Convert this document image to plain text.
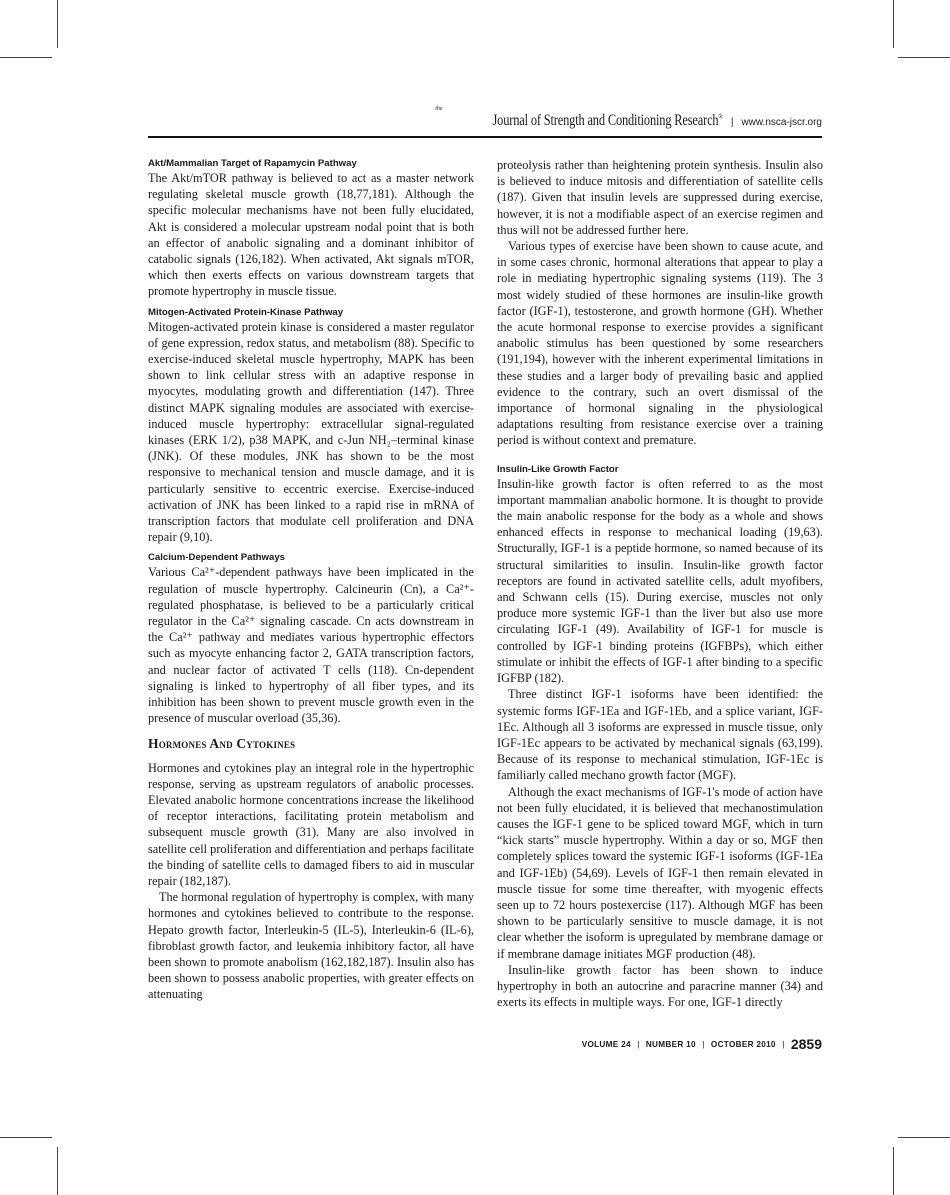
the
Journal of Strength and Conditioning Research® | www.nsca-jscr.org
Akt/Mammalian Target of Rapamycin Pathway

The Akt/mTOR pathway is believed to act as a master network regulating skeletal muscle growth (18,77,181). Although the specific molecular mechanisms have not been fully elucidated, Akt is considered a molecular upstream nodal point that is both an effector of anabolic signaling and a dominant inhibitor of catabolic signals (126,182). When activated, Akt signals mTOR, which then exerts effects on various downstream targets that promote hypertrophy in muscle tissue.

Mitogen-Activated Protein-Kinase Pathway

Mitogen-activated protein kinase is considered a master regulator of gene expression, redox status, and metabolism (88). Specific to exercise-induced skeletal muscle hypertrophy, MAPK has been shown to link cellular stress with an adaptive response in myocytes, modulating growth and differentiation (147). Three distinct MAPK signaling modules are associated with exercise-induced muscle hypertrophy: extracellular signal-regulated kinases (ERK 1/2), p38 MAPK, and c-Jun NH₂–terminal kinase (JNK). Of these modules, JNK has shown to be the most responsive to mechanical tension and muscle damage, and it is particularly sensitive to eccentric exercise. Exercise-induced activation of JNK has been linked to a rapid rise in mRNA of transcription factors that modulate cell proliferation and DNA repair (9,10).

Calcium-Dependent Pathways

Various Ca²⁺-dependent pathways have been implicated in the regulation of muscle hypertrophy. Calcineurin (Cn), a Ca²⁺-regulated phosphatase, is believed to be a particularly critical regulator in the Ca²⁺ signaling cascade. Cn acts downstream in the Ca²⁺ pathway and mediates various hypertrophic effectors such as myocyte enhancing factor 2, GATA transcription factors, and nuclear factor of activated T cells (118). Cn-dependent signaling is linked to hypertrophy of all fiber types, and its inhibition has been shown to prevent muscle growth even in the presence of muscular overload (35,36).

Hormones And Cytokines

Hormones and cytokines play an integral role in the hypertrophic response, serving as upstream regulators of anabolic processes. Elevated anabolic hormone concentrations increase the likelihood of receptor interactions, facilitating protein metabolism and subsequent muscle growth (31). Many are also involved in satellite cell proliferation and differentiation and perhaps facilitate the binding of satellite cells to damaged fibers to aid in muscular repair (182,187).

The hormonal regulation of hypertrophy is complex, with many hormones and cytokines believed to contribute to the response. Hepato growth factor, Interleukin-5 (IL-5), Interleukin-6 (IL-6), fibroblast growth factor, and leukemia inhibitory factor, all have been shown to promote anabolism (162,182,187). Insulin also has been shown to possess anabolic properties, with greater effects on attenuating

proteolysis rather than heightening protein synthesis. Insulin also is believed to induce mitosis and differentiation of satellite cells (187). Given that insulin levels are suppressed during exercise, however, it is not a modifiable aspect of an exercise regimen and thus will not be addressed further here.

Various types of exercise have been shown to cause acute, and in some cases chronic, hormonal alterations that appear to play a role in mediating hypertrophic signaling systems (119). The 3 most widely studied of these hormones are insulin-like growth factor (IGF-1), testosterone, and growth hormone (GH). Whether the acute hormonal response to exercise provides a significant anabolic stimulus has been questioned by some researchers (191,194), however with the inherent experimental limitations in these studies and a larger body of prevailing basic and applied evidence to the contrary, such an overt dismissal of the importance of hormonal signaling in the physiological adaptations resulting from resistance exercise over a training period is without context and premature.

Insulin-Like Growth Factor

Insulin-like growth factor is often referred to as the most important mammalian anabolic hormone. It is thought to provide the main anabolic response for the body as a whole and shows enhanced effects in response to mechanical loading (19,63). Structurally, IGF-1 is a peptide hormone, so named because of its structural similarities to insulin. Insulin-like growth factor receptors are found in activated satellite cells, adult myofibers, and Schwann cells (15). During exercise, muscles not only produce more systemic IGF-1 than the liver but also use more circulating IGF-1 (49). Availability of IGF-1 for muscle is controlled by IGF-1 binding proteins (IGFBPs), which either stimulate or inhibit the effects of IGF-1 after binding to a specific IGFBP (182).

Three distinct IGF-1 isoforms have been identified: the systemic forms IGF-1Ea and IGF-1Eb, and a splice variant, IGF-1Ec. Although all 3 isoforms are expressed in muscle tissue, only IGF-1Ec appears to be activated by mechanical signals (63,199). Because of its response to mechanical stimulation, IGF-1Ec is familiarly called mechano growth factor (MGF).

Although the exact mechanisms of IGF-1's mode of action have not been fully elucidated, it is believed that mechanostimulation causes the IGF-1 gene to be spliced toward MGF, which in turn “kick starts” muscle hypertrophy. Within a day or so, MGF then completely splices toward the systemic IGF-1 isoforms (IGF-1Ea and IGF-1Eb) (54,69). Levels of IGF-1 then remain elevated in muscle tissue for some time thereafter, with myogenic effects seen up to 72 hours postexercise (117). Although MGF has been shown to be particularly sensitive to muscle damage, it is not clear whether the isoform is upregulated by membrane damage or if membrane damage initiates MGF production (48).

Insulin-like growth factor has been shown to induce hypertrophy in both an autocrine and paracrine manner (34) and exerts its effects in multiple ways. For one, IGF-1 directly

VOLUME 24 | NUMBER 10 | OCTOBER 2010 | 2859
